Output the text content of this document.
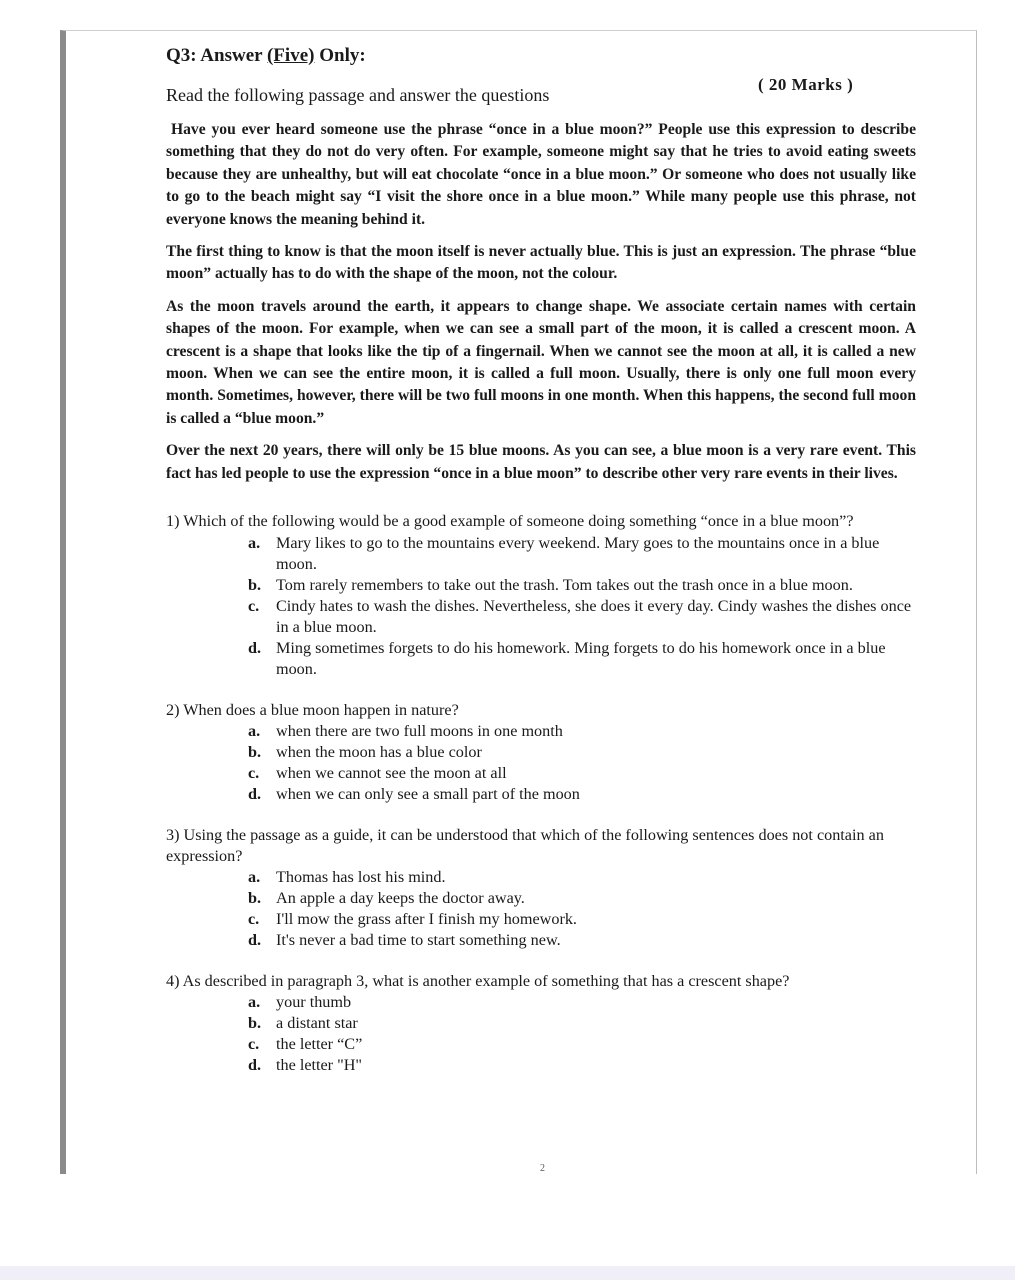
Q3: Answer (Five) Only:

Read the following passage and answer the questions
( 20 Marks )

Have you ever heard someone use the phrase “once in a blue moon?” People use this expression to describe something that they do not do very often. For example, someone might say that he tries to avoid eating sweets because they are unhealthy, but will eat chocolate “once in a blue moon.” Or someone who does not usually like to go to the beach might say “I visit the shore once in a blue moon.” While many people use this phrase, not everyone knows the meaning behind it.

The first thing to know is that the moon itself is never actually blue. This is just an expression. The phrase “blue moon” actually has to do with the shape of the moon, not the colour.

As the moon travels around the earth, it appears to change shape. We associate certain names with certain shapes of the moon. For example, when we can see a small part of the moon, it is called a crescent moon. A crescent is a shape that looks like the tip of a fingernail. When we cannot see the moon at all, it is called a new moon. When we can see the entire moon, it is called a full moon. Usually, there is only one full moon every month. Sometimes, however, there will be two full moons in one month. When this happens, the second full moon is called a “blue moon.”

Over the next 20 years, there will only be 15 blue moons. As you can see, a blue moon is a very rare event. This fact has led people to use the expression “once in a blue moon” to describe other very rare events in their lives.

1) Which of the following would be a good example of someone doing something “once in a blue moon”?

a. Mary likes to go to the mountains every weekend. Mary goes to the mountains once in a blue moon.
b. Tom rarely remembers to take out the trash. Tom takes out the trash once in a blue moon.
c. Cindy hates to wash the dishes. Nevertheless, she does it every day. Cindy washes the dishes once in a blue moon.
d. Ming sometimes forgets to do his homework. Ming forgets to do his homework once in a blue moon.

2) When does a blue moon happen in nature?

a. when there are two full moons in one month
b. when the moon has a blue color
c. when we cannot see the moon at all
d. when we can only see a small part of the moon

3) Using the passage as a guide, it can be understood that which of the following sentences does not contain an expression?

a. Thomas has lost his mind.
b. An apple a day keeps the doctor away.
c. I'll mow the grass after I finish my homework.
d. It's never a bad time to start something new.

4) As described in paragraph 3, what is another example of something that has a crescent shape?

a. your thumb
b. a distant star
c. the letter “C”
d. the letter "H"
2
